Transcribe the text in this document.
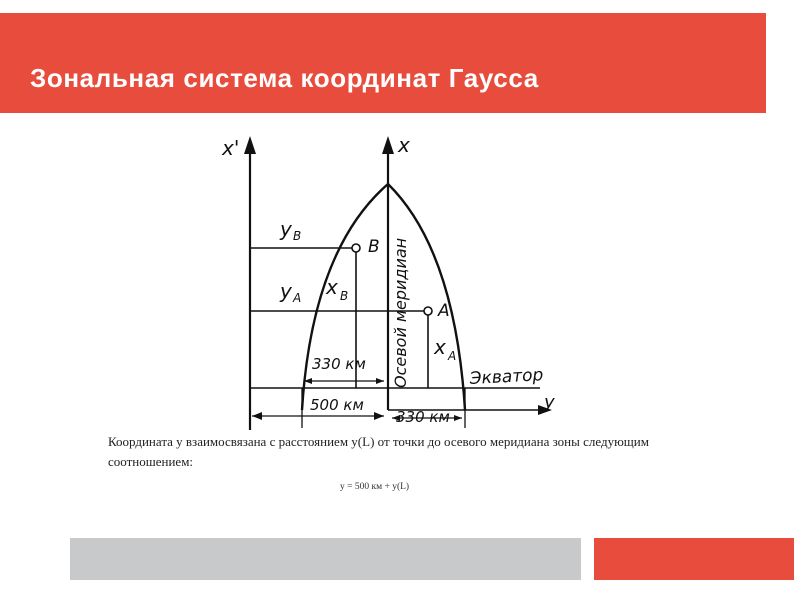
Зональная система координат Гаусса
x'	x
Экватор
y
B
y B
A
y A x B
x A
Осевой меридиан
330 км
500 км
330 км

Координата y взаимосвязана с расстоянием y(L) от точки до осевого меридиана зоны следующим соотношением:

y = 500 км + y(L)
